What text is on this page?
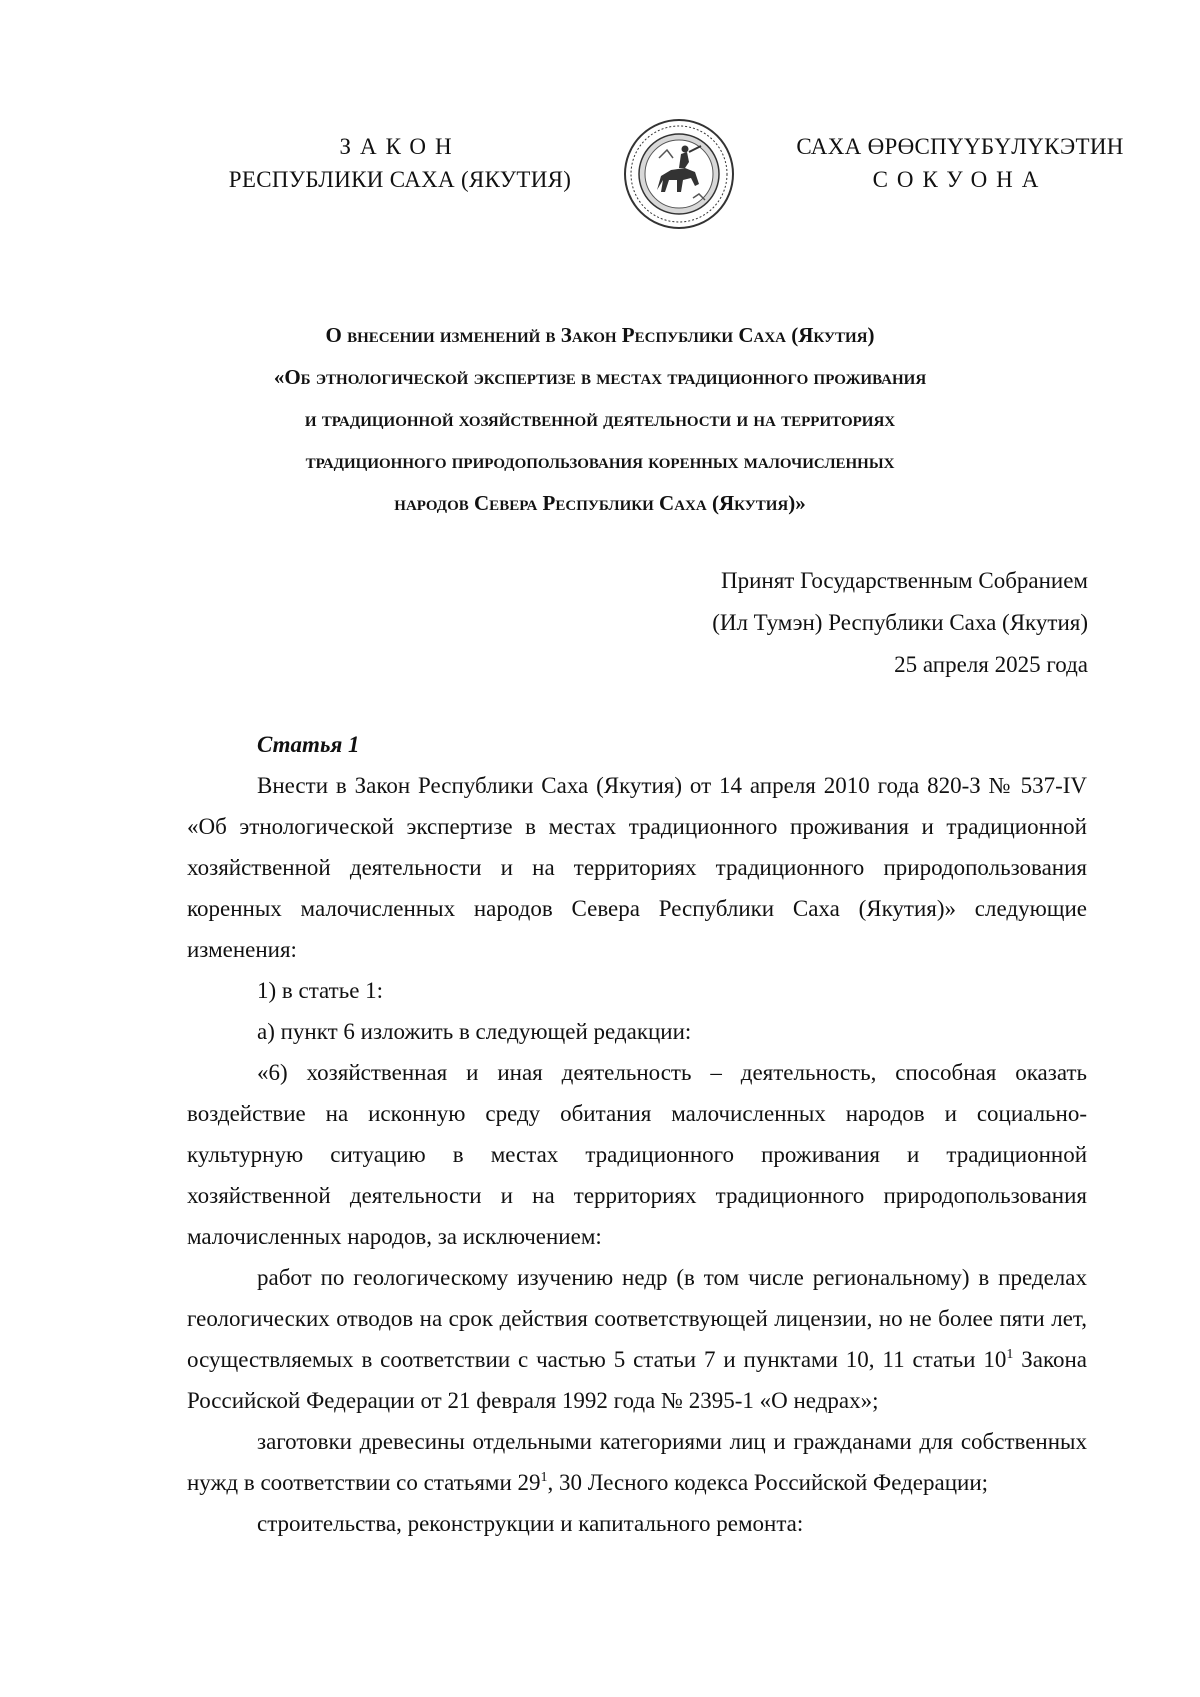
ЗАКОН
РЕСПУБЛИКИ САХА (ЯКУТИЯ)
САХА ӨРӨСПҮҮБҮЛҮКЭТИН
СОКУОНА
О внесении изменений в Закон Республики Саха (Якутия)
«Об этнологической экспертизе в местах традиционного проживания
и традиционной хозяйственной деятельности и на территориях
традиционного природопользования коренных малочисленных
народов Севера Республики Саха (Якутия)»
Принят Государственным Собранием
(Ил Тумэн) Республики Саха (Якутия)
25 апреля 2025 года

Статья 1

Внести в Закон Республики Саха (Якутия) от 14 апреля 2010 года 820-З № 537-IV «Об этнологической экспертизе в местах традиционного проживания и традиционной хозяйственной деятельности и на территориях традиционного природопользования коренных малочисленных народов Севера Республики Саха (Якутия)» следующие изменения:

1) в статье 1:

а) пункт 6 изложить в следующей редакции:

«6) хозяйственная и иная деятельность – деятельность, способная оказать воздействие на исконную среду обитания малочисленных народов и социально-культурную ситуацию в местах традиционного проживания и традиционной хозяйственной деятельности и на территориях традиционного природопользования малочисленных народов, за исключением:

работ по геологическому изучению недр (в том числе региональному) в пределах геологических отводов на срок действия соответствующей лицензии, но не более пяти лет, осуществляемых в соответствии с частью 5 статьи 7 и пунктами 10, 11 статьи $10^1$ Закона Российской Федерации от 21 февраля 1992 года № 2395-1 «О недрах»;

заготовки древесины отдельными категориями лиц и гражданами для собственных нужд в соответствии со статьями $29^1$, 30 Лесного кодекса Российской Федерации;

строительства, реконструкции и капитального ремонта:
